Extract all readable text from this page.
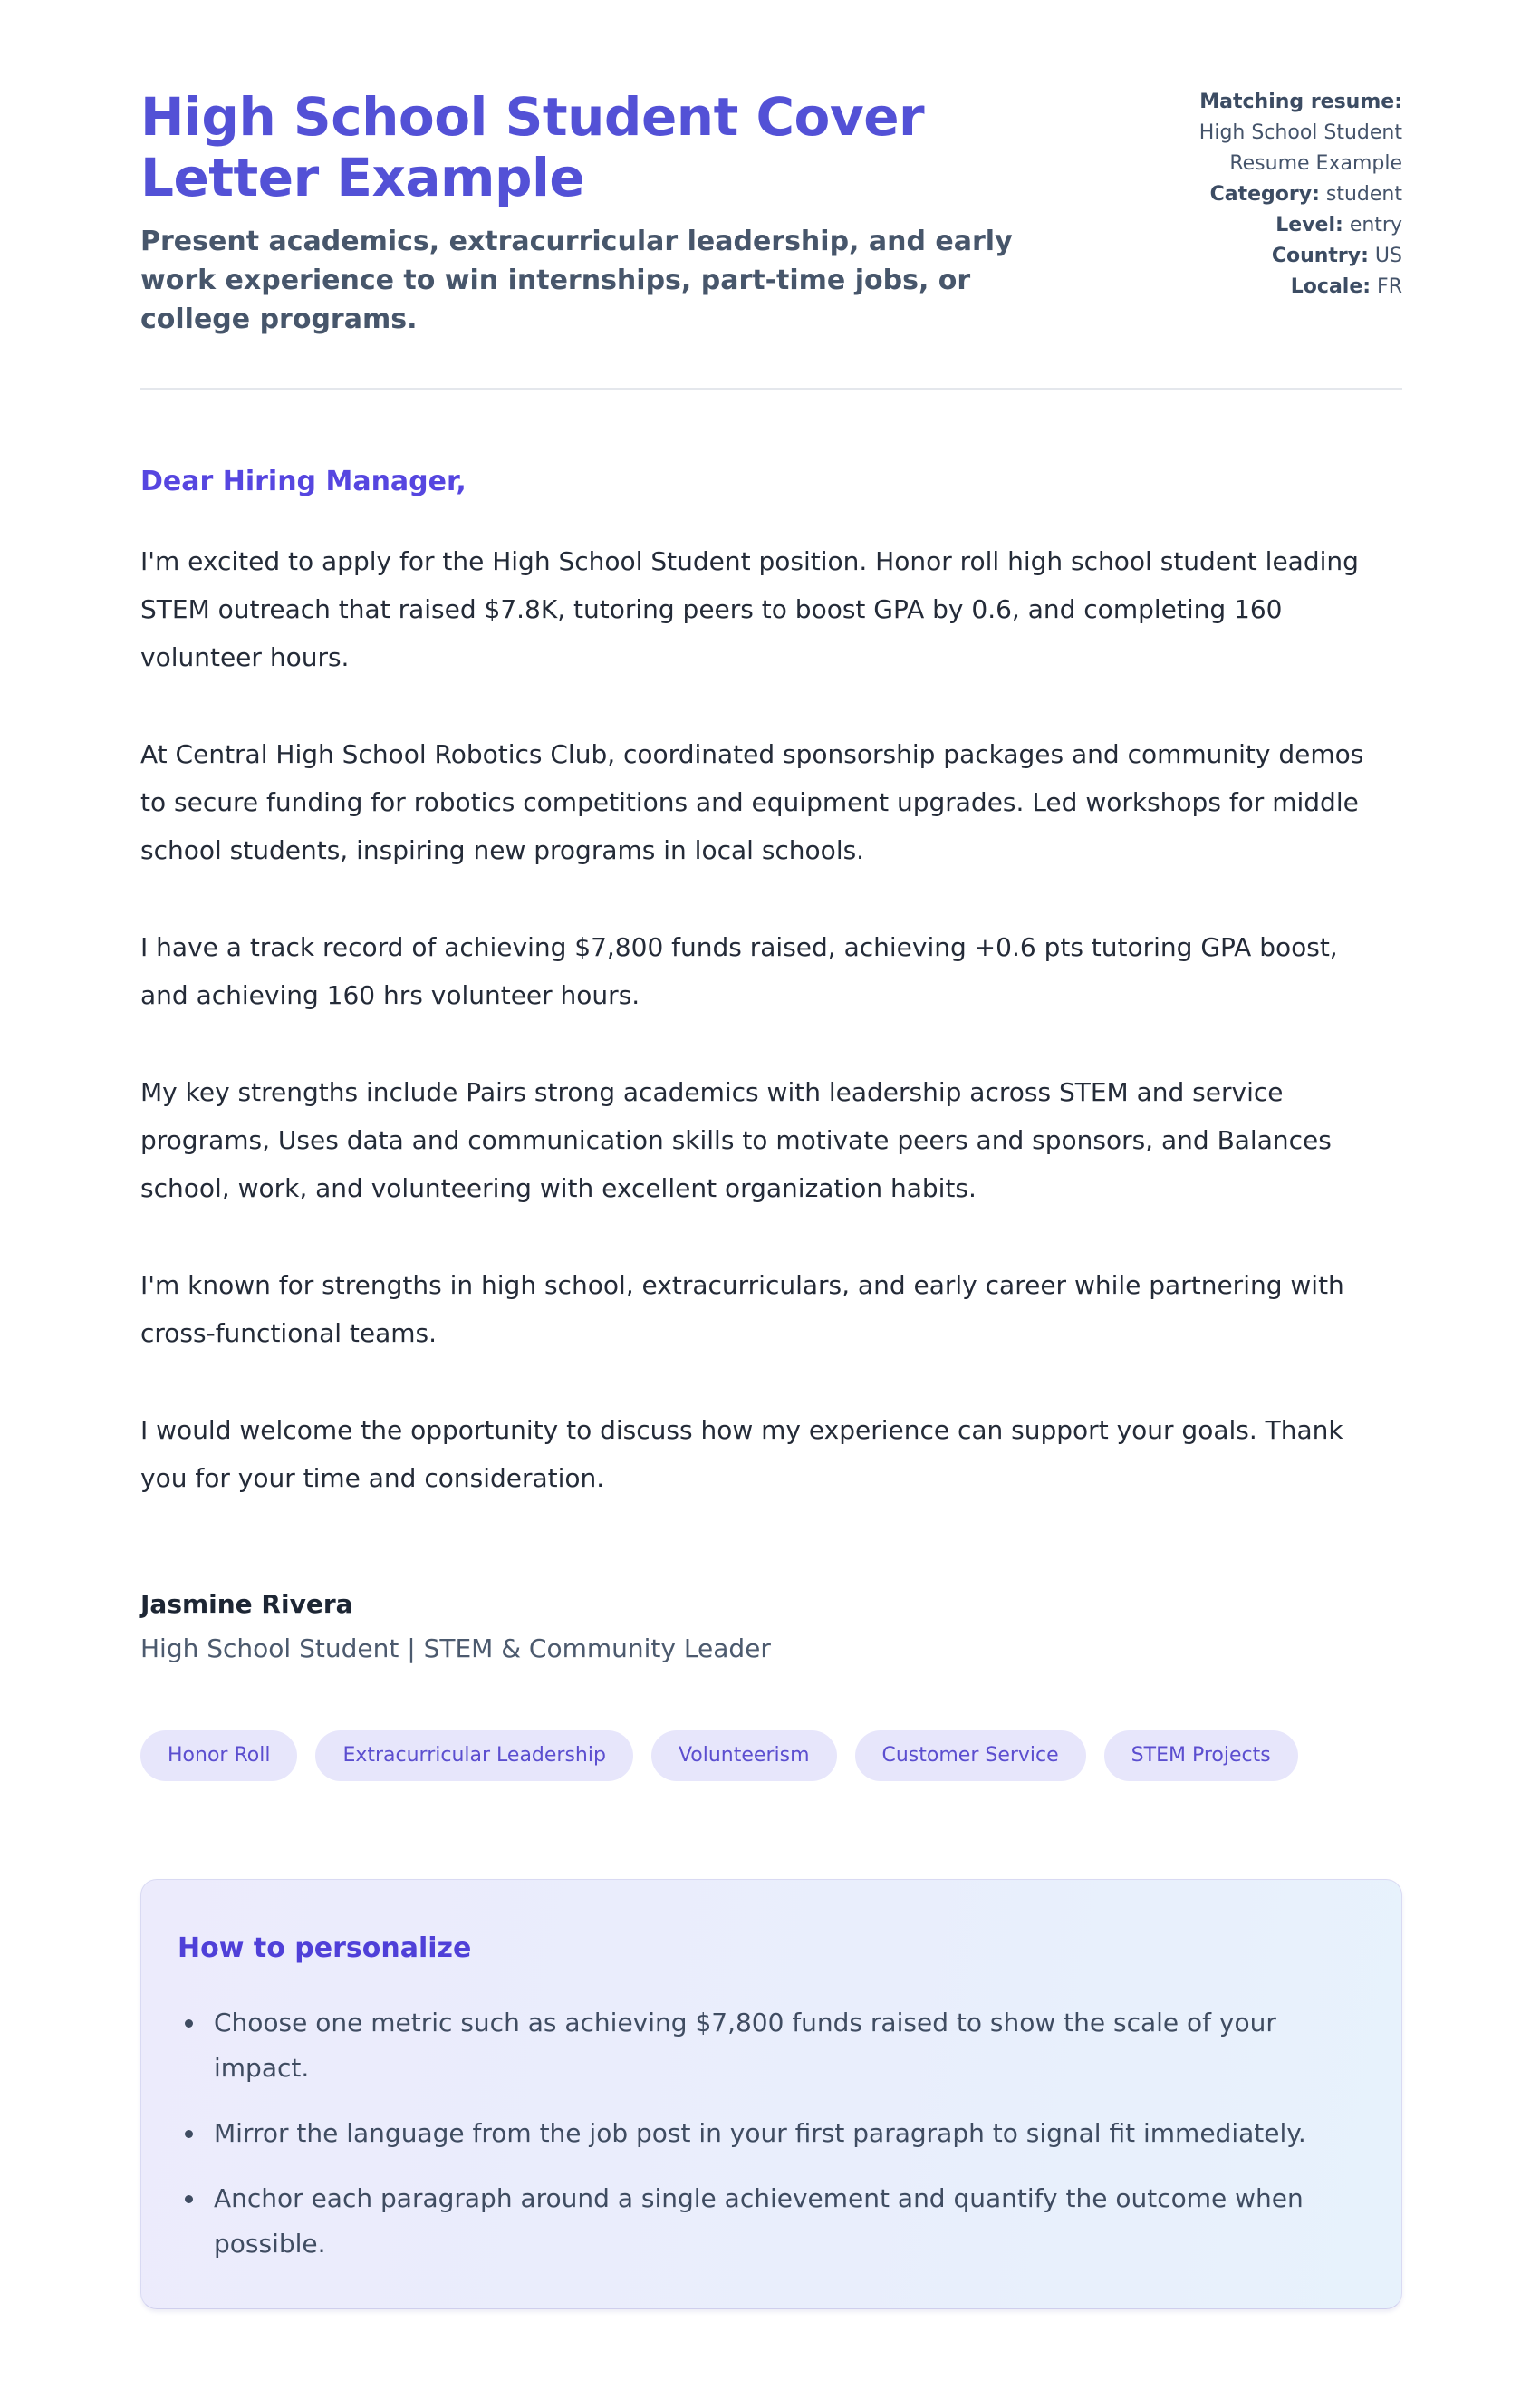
High School Student Cover Letter Example

Present academics, extracurricular leadership, and early work experience to win internships, part-time jobs, or college programs.

Matching resume:
High School Student Resume Example
Category: student
Level: entry
Country: US
Locale: FR

Dear Hiring Manager,

I'm excited to apply for the High School Student position. Honor roll high school student leading STEM outreach that raised $7.8K, tutoring peers to boost GPA by 0.6, and completing 160 volunteer hours.

At Central High School Robotics Club, coordinated sponsorship packages and community demos to secure funding for robotics competitions and equipment upgrades. Led workshops for middle school students, inspiring new programs in local schools.

I have a track record of achieving $7,800 funds raised, achieving +0.6 pts tutoring GPA boost, and achieving 160 hrs volunteer hours.

My key strengths include Pairs strong academics with leadership across STEM and service programs, Uses data and communication skills to motivate peers and sponsors, and Balances school, work, and volunteering with excellent organization habits.

I'm known for strengths in high school, extracurriculars, and early career while partnering with cross-functional teams.

I would welcome the opportunity to discuss how my experience can support your goals. Thank you for your time and consideration.

Jasmine Rivera

High School Student | STEM & Community Leader

Honor Roll	Extracurricular Leadership	Volunteerism	Customer Service	STEM Projects
How to personalize
• Choose one metric such as achieving $7,800 funds raised to show the scale of your impact.
• Mirror the language from the job post in your first paragraph to signal fit immediately.
• Anchor each paragraph around a single achievement and quantify the outcome when possible.
